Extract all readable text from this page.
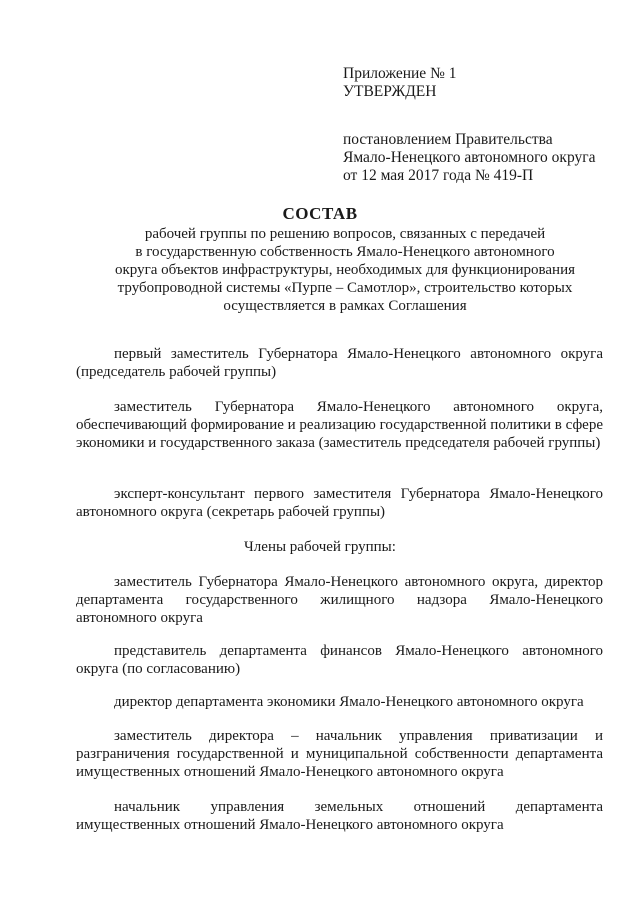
Приложение № 1
УТВЕРЖДЕН
постановлением Правительства
Ямало-Ненецкого автономного округа
от 12 мая 2017 года № 419-П
СОСТАВ
рабочей группы по решению вопросов, связанных с передачей
в государственную собственность Ямало-Ненецкого автономного
округа объектов инфраструктуры, необходимых для функционирования
трубопроводной системы «Пурпе – Самотлор», строительство которых
осуществляется в рамках Соглашения
первый заместитель Губернатора Ямало-Ненецкого автономного округа (председатель рабочей группы)
заместитель Губернатора Ямало-Ненецкого автономного округа, обеспечивающий формирование и реализацию государственной политики в сфере экономики и государственного заказа (заместитель председателя рабочей группы)
эксперт-консультант первого заместителя Губернатора Ямало-Ненецкого автономного округа (секретарь рабочей группы)
Члены рабочей группы:
заместитель Губернатора Ямало-Ненецкого автономного округа, директор департамента государственного жилищного надзора Ямало-Ненецкого автономного округа
представитель департамента финансов Ямало-Ненецкого автономного округа (по согласованию)
директор департамента экономики Ямало-Ненецкого автономного округа
заместитель директора – начальник управления приватизации и разграничения государственной и муниципальной собственности департамента имущественных отношений Ямало-Ненецкого автономного округа
начальник управления земельных отношений департамента имущественных отношений Ямало-Ненецкого автономного округа
